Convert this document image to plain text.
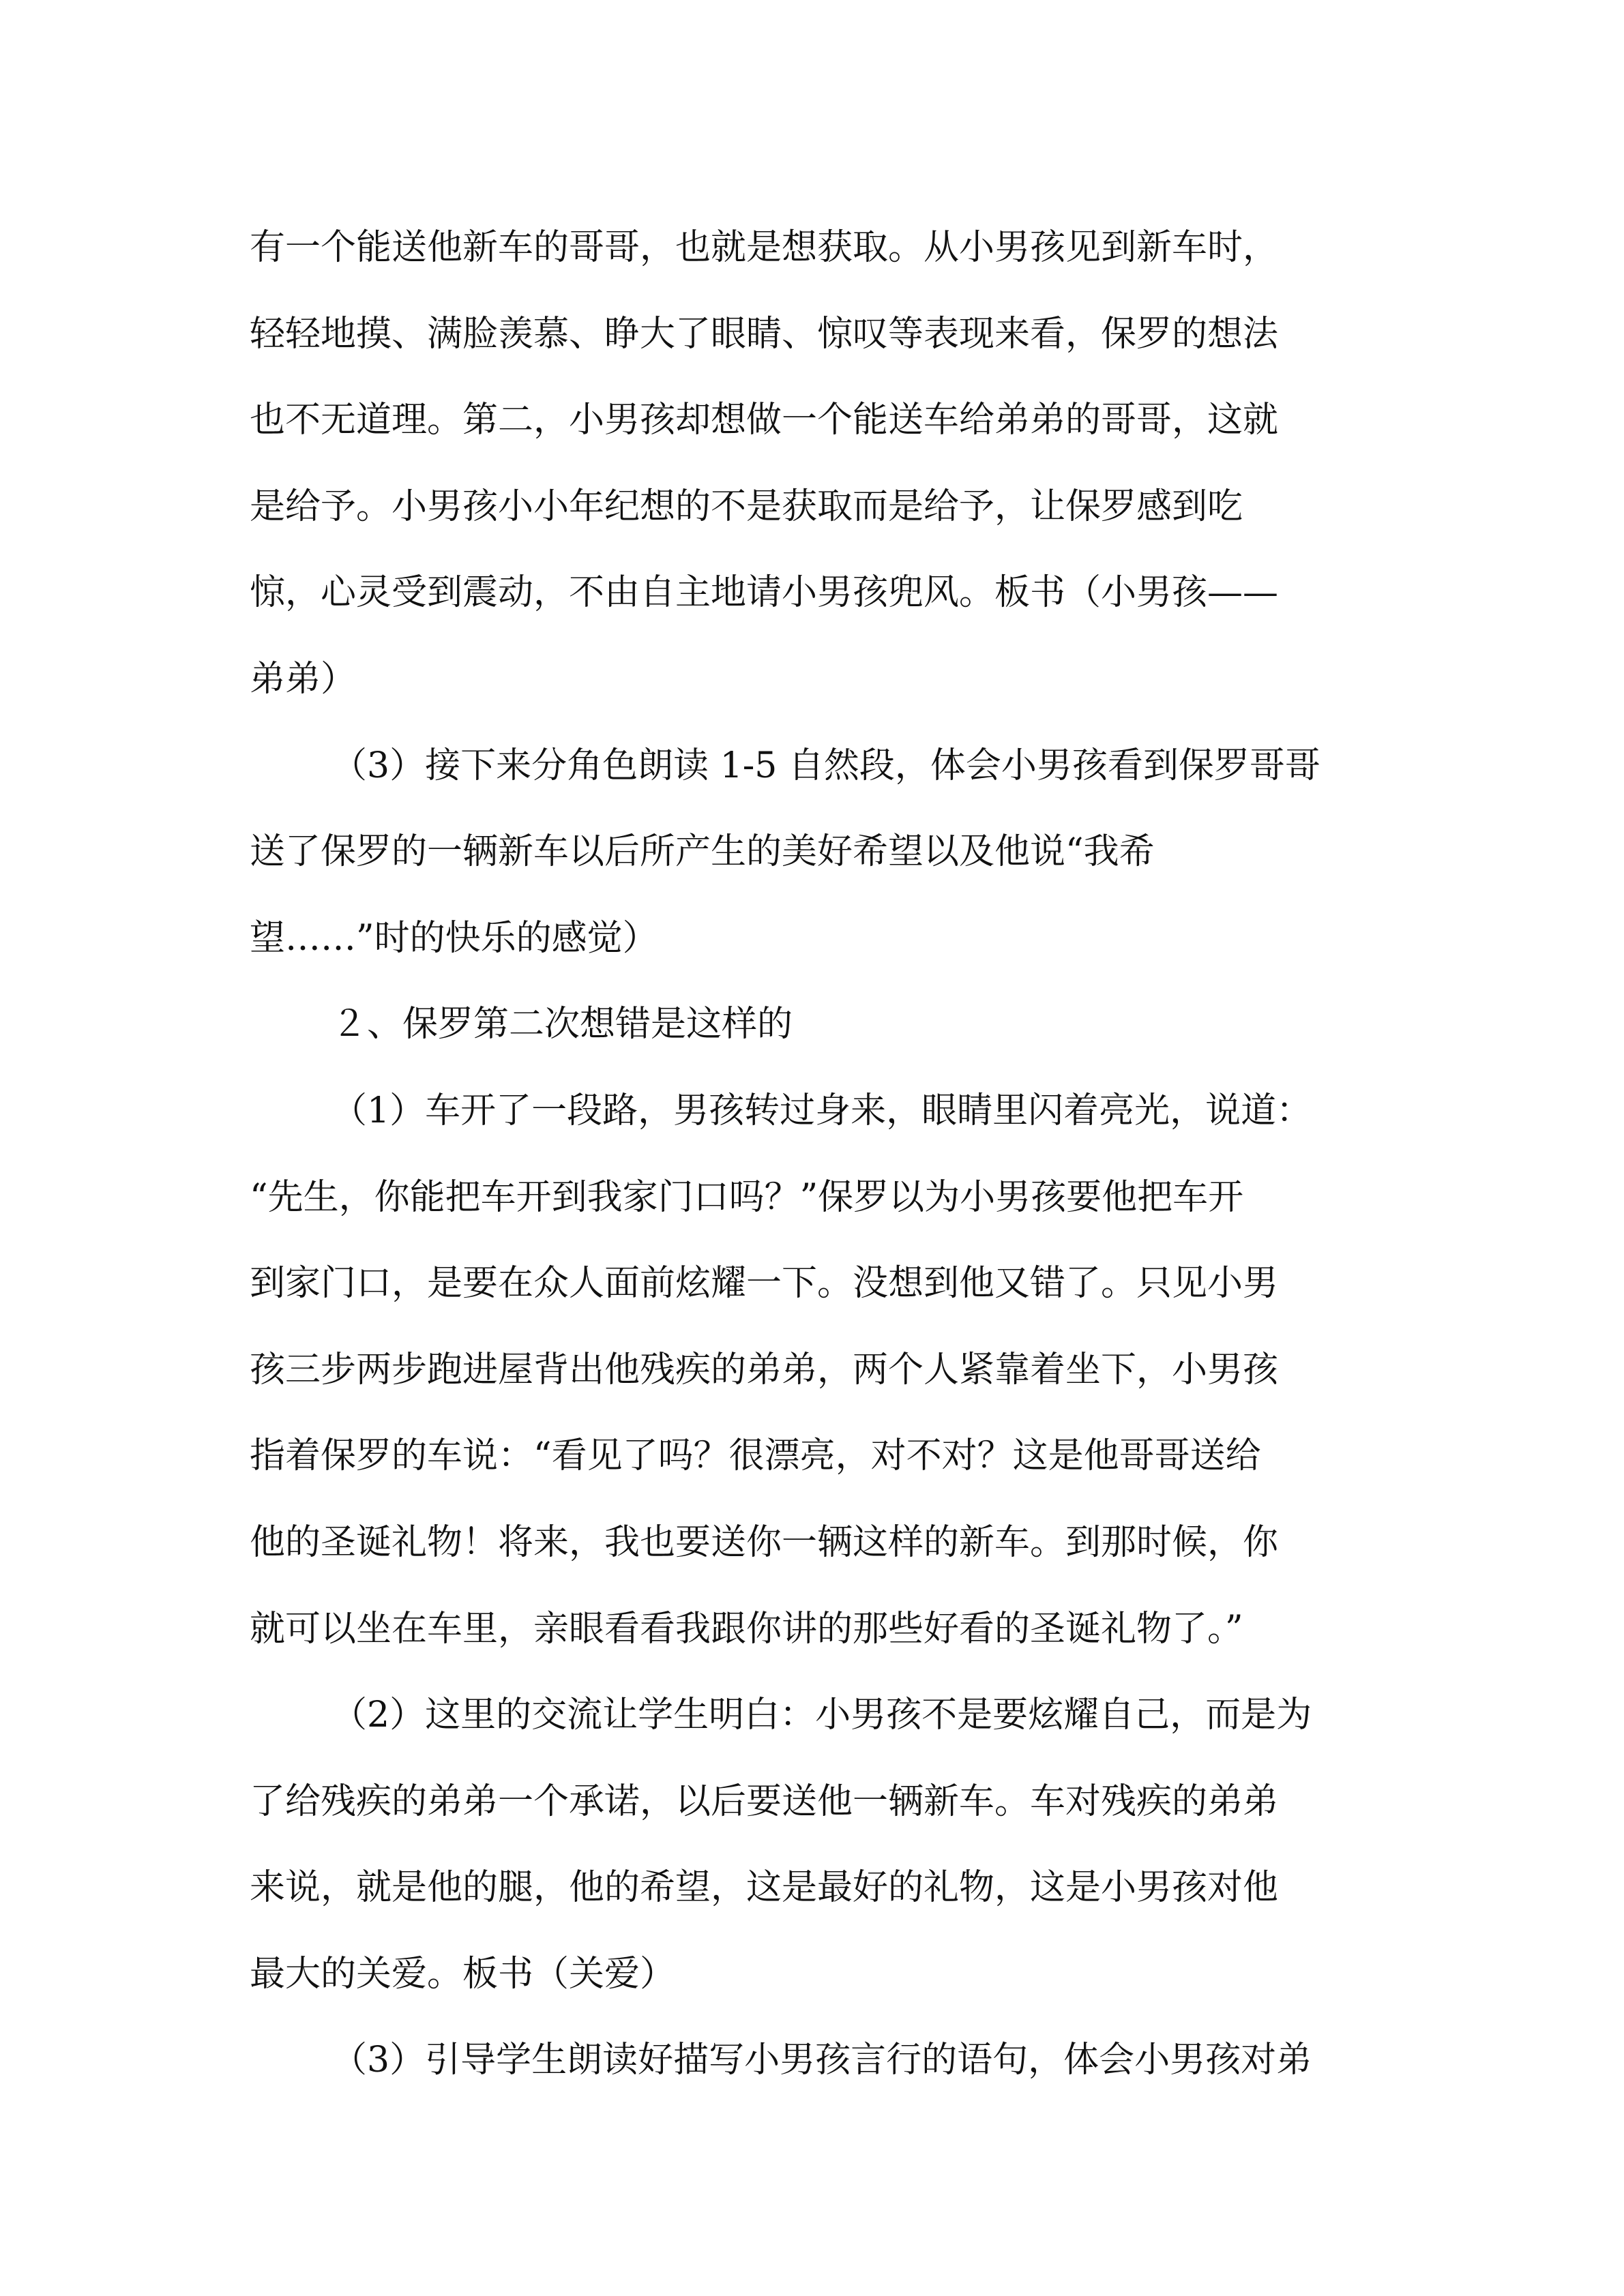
有一个能送他新车的哥哥，也就是想获取。从小男孩见到新车时，
轻轻地摸、满脸羡慕、睁大了眼睛、惊叹等表现来看，保罗的想法
也不无道理。第二，小男孩却想做一个能送车给弟弟的哥哥，这就
是给予。小男孩小小年纪想的不是获取而是给予，让保罗感到吃
惊，心灵受到震动，不由自主地请小男孩兜风。板书（小男孩——
弟弟）
（3）接下来分角色朗读 1-5 自然段，体会小男孩看到保罗哥哥
送了保罗的一辆新车以后所产生的美好希望以及他说“我希
望……”时的快乐的感觉）
２、保罗第二次想错是这样的
（1）车开了一段路，男孩转过身来，眼睛里闪着亮光，说道：
“先生，你能把车开到我家门口吗？”保罗以为小男孩要他把车开
到家门口，是要在众人面前炫耀一下。没想到他又错了。只见小男
孩三步两步跑进屋背出他残疾的弟弟，两个人紧靠着坐下，小男孩
指着保罗的车说：“看见了吗？很漂亮，对不对？这是他哥哥送给
他的圣诞礼物！将来，我也要送你一辆这样的新车。到那时候，你
就可以坐在车里，亲眼看看我跟你讲的那些好看的圣诞礼物了。”
（2）这里的交流让学生明白：小男孩不是要炫耀自己，而是为
了给残疾的弟弟一个承诺，以后要送他一辆新车。车对残疾的弟弟
来说，就是他的腿，他的希望，这是最好的礼物，这是小男孩对他
最大的关爱。板书（关爱）
（3）引导学生朗读好描写小男孩言行的语句，体会小男孩对弟
